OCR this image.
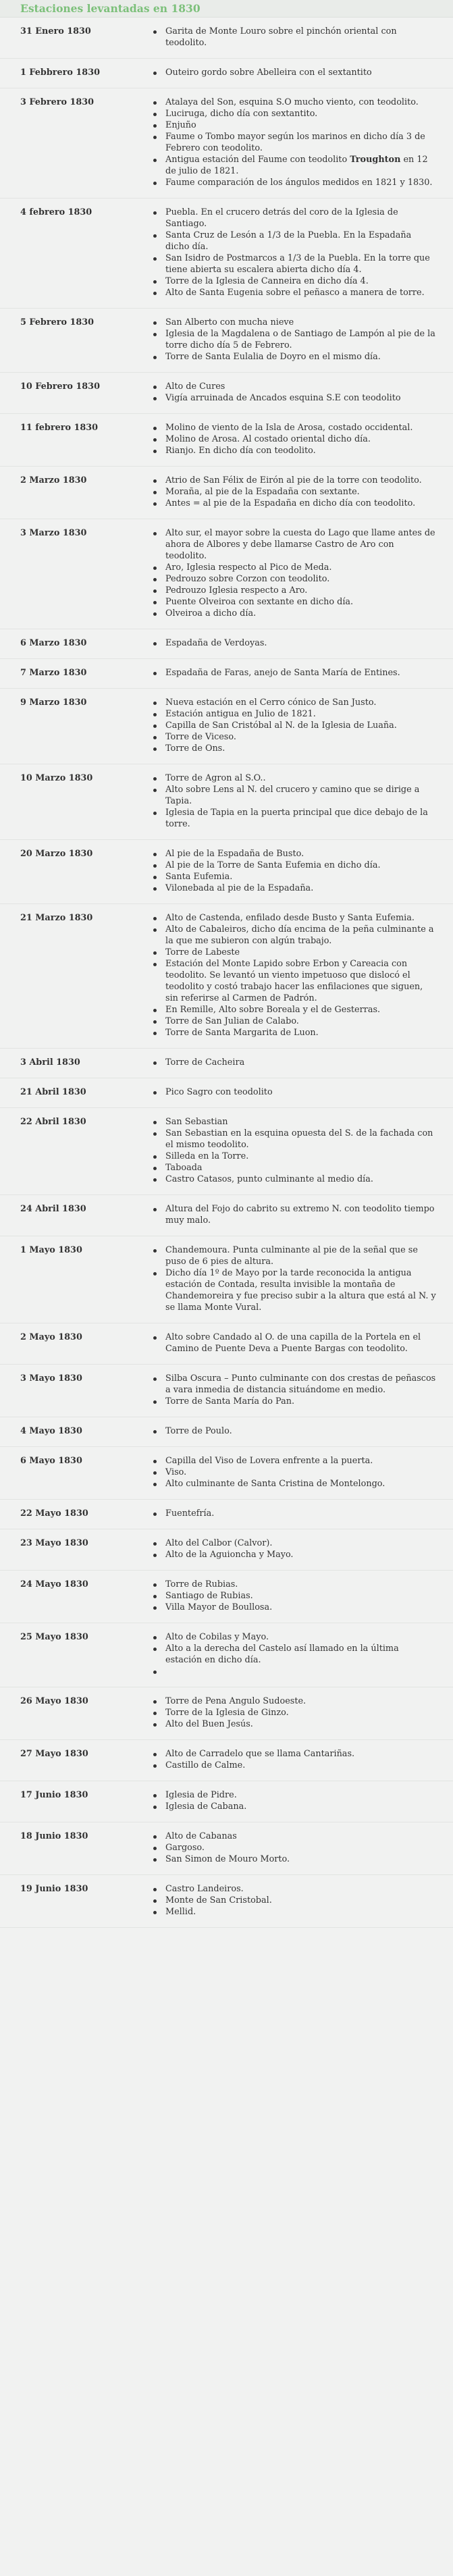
Estaciones levantadas en 1830
31 Enero 1830	Garita de Monte Louro sobre el pinchón oriental con teodolito.
1 Febbrero 1830	Outeiro gordo sobre Abelleira con el sextantito
3 Febrero 1830	Atalaya del Son, esquina S.O mucho viento, con teodolito.
Luciruga, dicho día con sextantito.
Enjuño
Faume o Tombo mayor según los marinos en dicho día 3 de Febrero con teodolito.
Antigua estación del Faume con teodolito Troughton en 12 de julio de 1821.
Faume comparación de los ángulos medidos en 1821 y 1830.
4 febrero 1830	Puebla. En el crucero detrás del coro de la Iglesia de Santiago.
Santa Cruz de Lesón a 1/3 de la Puebla. En la Espadaña dicho día.
San Isidro de Postmarcos a 1/3 de la Puebla. En la torre que tiene abierta su escalera abierta dicho día 4.
Torre de la Iglesia de Canneira en dicho día 4.
Alto de Santa Eugenia sobre el peñasco a manera de torre.
5 Febrero 1830	San Alberto con mucha nieve
Iglesia de la Magdalena o de Santiago de Lampón al pie de la torre dicho día 5 de Febrero.
Torre de Santa Eulalia de Doyro en el mismo día.
10 Febrero 1830	Alto de Cures
Vigía arruinada de Ancados esquina S.E con teodolito
11 febrero 1830	Molino de viento de la Isla de Arosa, costado occidental.
Molino de Arosa. Al costado oriental dicho día.
Rianjo. En dicho día con teodolito.
2 Marzo 1830	Atrio de San Félix de Eirón al pie de la torre con teodolito.
Moraña, al pie de la Espadaña con sextante.
Antes = al pie de la Espadaña en dicho día con teodolito.
3 Marzo 1830	Alto sur, el mayor sobre la cuesta do Lago que llame antes de ahora de Albores y debe llamarse Castro de Aro con teodolito.
Aro, Iglesia respecto al Pico de Meda.
Pedrouzo sobre Corzon con teodolito.
Pedrouzo Iglesia respecto a Aro.
Puente Olveiroa con sextante en dicho día.
Olveiroa a dicho día.
6 Marzo 1830	Espadaña de Verdoyas.
7 Marzo 1830	Espadaña de Faras, anejo de Santa María de Entines.
9 Marzo 1830	Nueva estación en el Cerro cónico de San Justo.
Estación antigua en Julio de 1821.
Capilla de San Cristóbal al N. de la Iglesia de Luaña.
Torre de Viceso.
Torre de Ons.
10 Marzo 1830	Torre de Agron al S.O..
Alto sobre Lens al N. del crucero y camino que se dirige a Tapia.
Iglesia de Tapia en la puerta principal que dice debajo de la torre.
20 Marzo 1830	Al pie de la Espadaña de Busto.
Al pie de la Torre de Santa Eufemia en dicho día.
Santa Eufemia.
Vilonebada al pie de la Espadaña.
21 Marzo 1830	Alto de Castenda, enfilado desde Busto y Santa Eufemia.
Alto de Cabaleiros, dicho día encima de la peña culminante a la que me subieron con algún trabajo.
Torre de Labeste
Estación del Monte Lapido sobre Erbon y Careacia con teodolito. Se levantó un viento impetuoso que dislocó el teodolito y costó trabajo hacer las enfilaciones que siguen, sin referirse al Carmen de Padrón.
En Remille, Alto sobre Boreala y el de Gesterras.
Torre de San Julian de Calabo.
Torre de Santa Margarita de Luon.
3 Abril 1830	Torre de Cacheira
21 Abril 1830	Pico Sagro con teodolito
22 Abril 1830	San Sebastian
San Sebastian en la esquina opuesta del S. de la fachada con el mismo teodolito.
Silleda en la Torre.
Taboada
Castro Catasos, punto culminante al medio día.
24 Abril 1830	Altura del Fojo do cabrito su extremo N. con teodolito tiempo muy malo.
1 Mayo 1830	Chandemoura. Punta culminante al pie de la señal que se puso de 6 pies de altura.
Dicho día 1º de Mayo por la tarde reconocida la antigua estación de Contada, resulta invisible la montaña de Chandemoreira y fue preciso subir a la altura que está al N. y se llama Monte Vural.
2 Mayo 1830	Alto sobre Candado al O. de una capilla de la Portela en el Camino de Puente Deva a Puente Bargas con teodolito.
3 Mayo 1830	Silba Oscura – Punto culminante con dos crestas de peñascos a vara inmedia de distancia situándome en medio.
Torre de Santa María do Pan.
4 Mayo 1830	Torre de Poulo.
6 Mayo 1830	Capilla del Viso de Lovera enfrente a la puerta.
Viso.
Alto culminante de Santa Cristina de Montelongo.
22 Mayo 1830	Fuentefría.
23 Mayo 1830	Alto del Calbor (Calvor).
Alto de la Aguioncha y Mayo.
24 Mayo 1830	Torre de Rubias.
Santiago de Rubias.
Villa Mayor de Boullosa.
25 Mayo 1830	Alto de Cobilas y Mayo.
Alto a la derecha del Castelo así llamado en la última estación en dicho día.
26 Mayo 1830	Torre de Pena Angulo Sudoeste.
Torre de la Iglesia de Ginzo.
Alto del Buen Jesús.
27 Mayo 1830	Alto de Carradelo que se llama Cantariñas.
Castillo de Calme.
17 Junio 1830	Iglesia de Pidre.
Iglesia de Cabana.
18 Junio 1830	Alto de Cabanas
Gargoso.
San Simon de Mouro Morto.
19 Junio 1830	Castro Landeiros.
Monte de San Cristobal.
Mellid.
